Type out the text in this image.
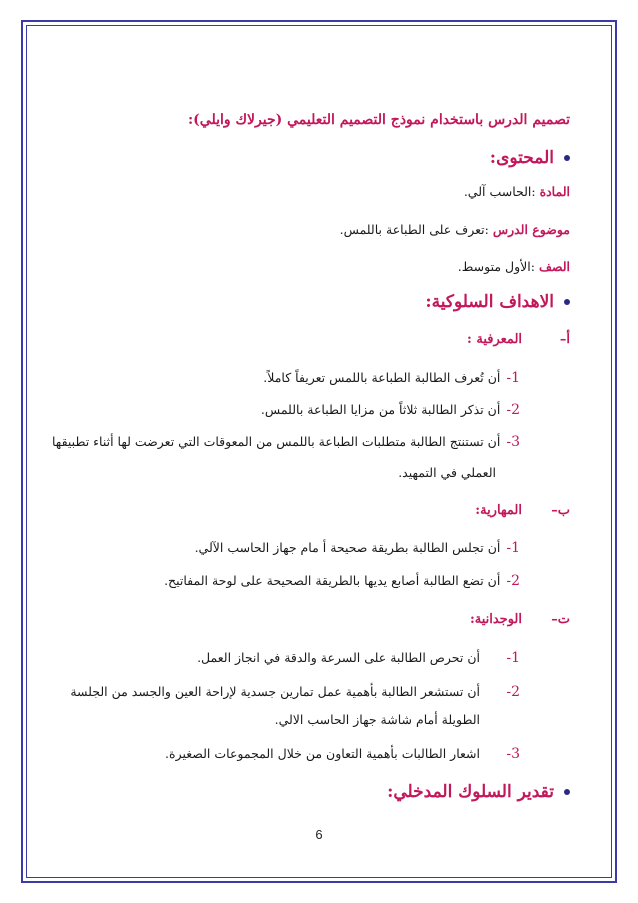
تصميم الدرس باستخدام نموذج التصميم التعليمي (جيرلاك وايلي):
المحتوى:
المادة :الحاسب آلي.
موضوع الدرس :تعرف على الطباعة باللمس.
الصف :الأول متوسط.
الاهداف السلوكية:
أ– المعرفية :
1-أن تُعرف الطالبة الطباعة باللمس تعريفاً كاملاً.
2-أن تذكر الطالبة ثلاثاً من مزايا الطباعة باللمس.
3-أن تستنتج الطالبة متطلبات الطباعة باللمس من المعوقات التي تعرضت لها أثناء تطبيقها
العملي في التمهيد.
ب– المهارية:
1-أن تجلس الطالبة بطريقة صحيحة أ مام جهاز الحاسب الآلي.
2-أن تضع الطالبة أصابع يديها بالطريقة الصحيحة على لوحة المفاتيح.
ت– الوجدانية:
1-أن تحرص الطالبة على السرعة والدقة في انجاز العمل.
2-أن تستشعر الطالبة بأهمية عمل تمارين جسدية لإراحة العين والجسد من الجلسة
الطويلة أمام شاشة جهاز الحاسب الالي.
3-اشعار الطالبات بأهمية التعاون من خلال المجموعات الصغيرة.
تقدير السلوك المدخلي:
6
